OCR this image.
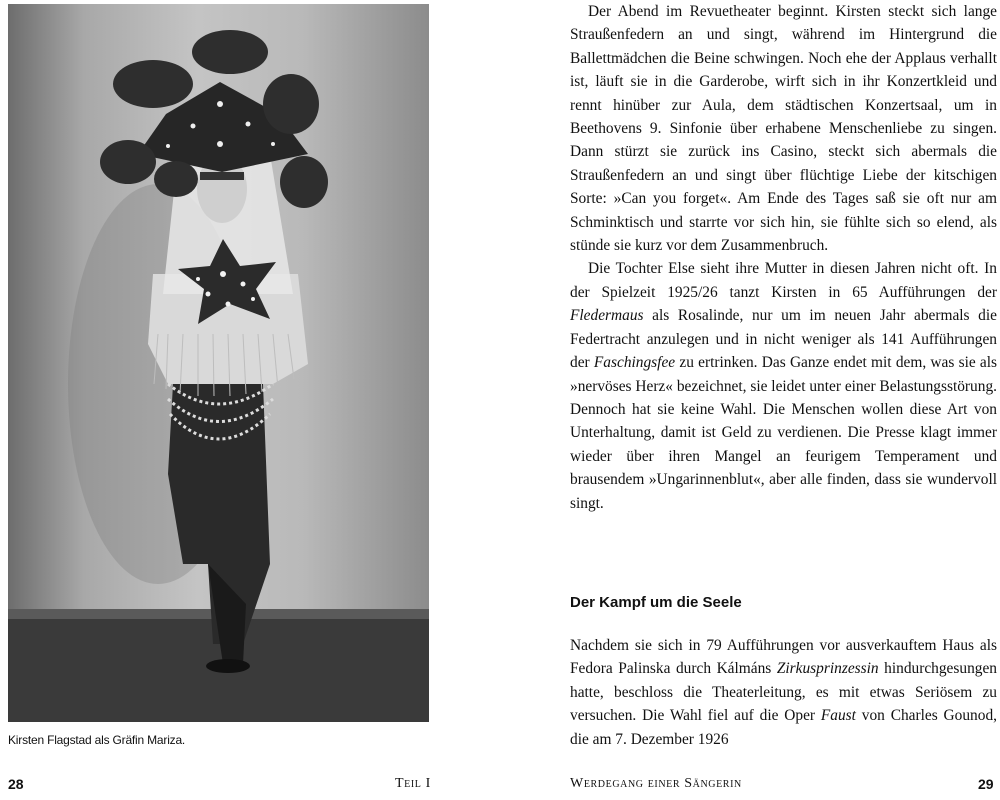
Kirsten Flagstad als Gräfin Mariza.
28	Teil I

Der Abend im Revuetheater beginnt. Kirsten steckt sich lange Straußenfedern an und singt, während im Hintergrund die Ballettmädchen die Beine schwingen. Noch ehe der Applaus verhallt ist, läuft sie in die Garderobe, wirft sich in ihr Konzertkleid und rennt hinüber zur Aula, dem städtischen Konzertsaal, um in Beethovens 9. Sinfonie über erhabene Menschenliebe zu singen. Dann stürzt sie zurück ins Casino, steckt sich abermals die Straußenfedern an und singt über flüchtige Liebe der kitschigen Sorte: »Can you forget«. Am Ende des Tages saß sie oft nur am Schminktisch und starrte vor sich hin, sie fühlte sich so elend, als stünde sie kurz vor dem Zusammenbruch.

Die Tochter Else sieht ihre Mutter in diesen Jahren nicht oft. In der Spielzeit 1925/26 tanzt Kirsten in 65 Aufführungen der Fledermaus als Rosalinde, nur um im neuen Jahr abermals die Federtracht anzulegen und in nicht weniger als 141 Aufführungen der Faschingsfee zu ertrinken. Das Ganze endet mit dem, was sie als »nervöses Herz« bezeichnet, sie leidet unter einer Belastungsstörung. Dennoch hat sie keine Wahl. Die Menschen wollen diese Art von Unterhaltung, damit ist Geld zu verdienen. Die Presse klagt immer wieder über ihren Mangel an feurigem Temperament und brausendem »Ungarinnenblut«, aber alle finden, dass sie wundervoll singt.

Der Kampf um die Seele

Nachdem sie sich in 79 Aufführungen vor ausverkauftem Haus als Fedora Palinska durch Kálmáns Zirkusprinzessin hindurchgesungen hatte, beschloss die Theaterleitung, es mit etwas Seriösem zu versuchen. Die Wahl fiel auf die Oper Faust von Charles Gounod, die am 7. Dezember 1926

Werdegang einer Sängerin	29
